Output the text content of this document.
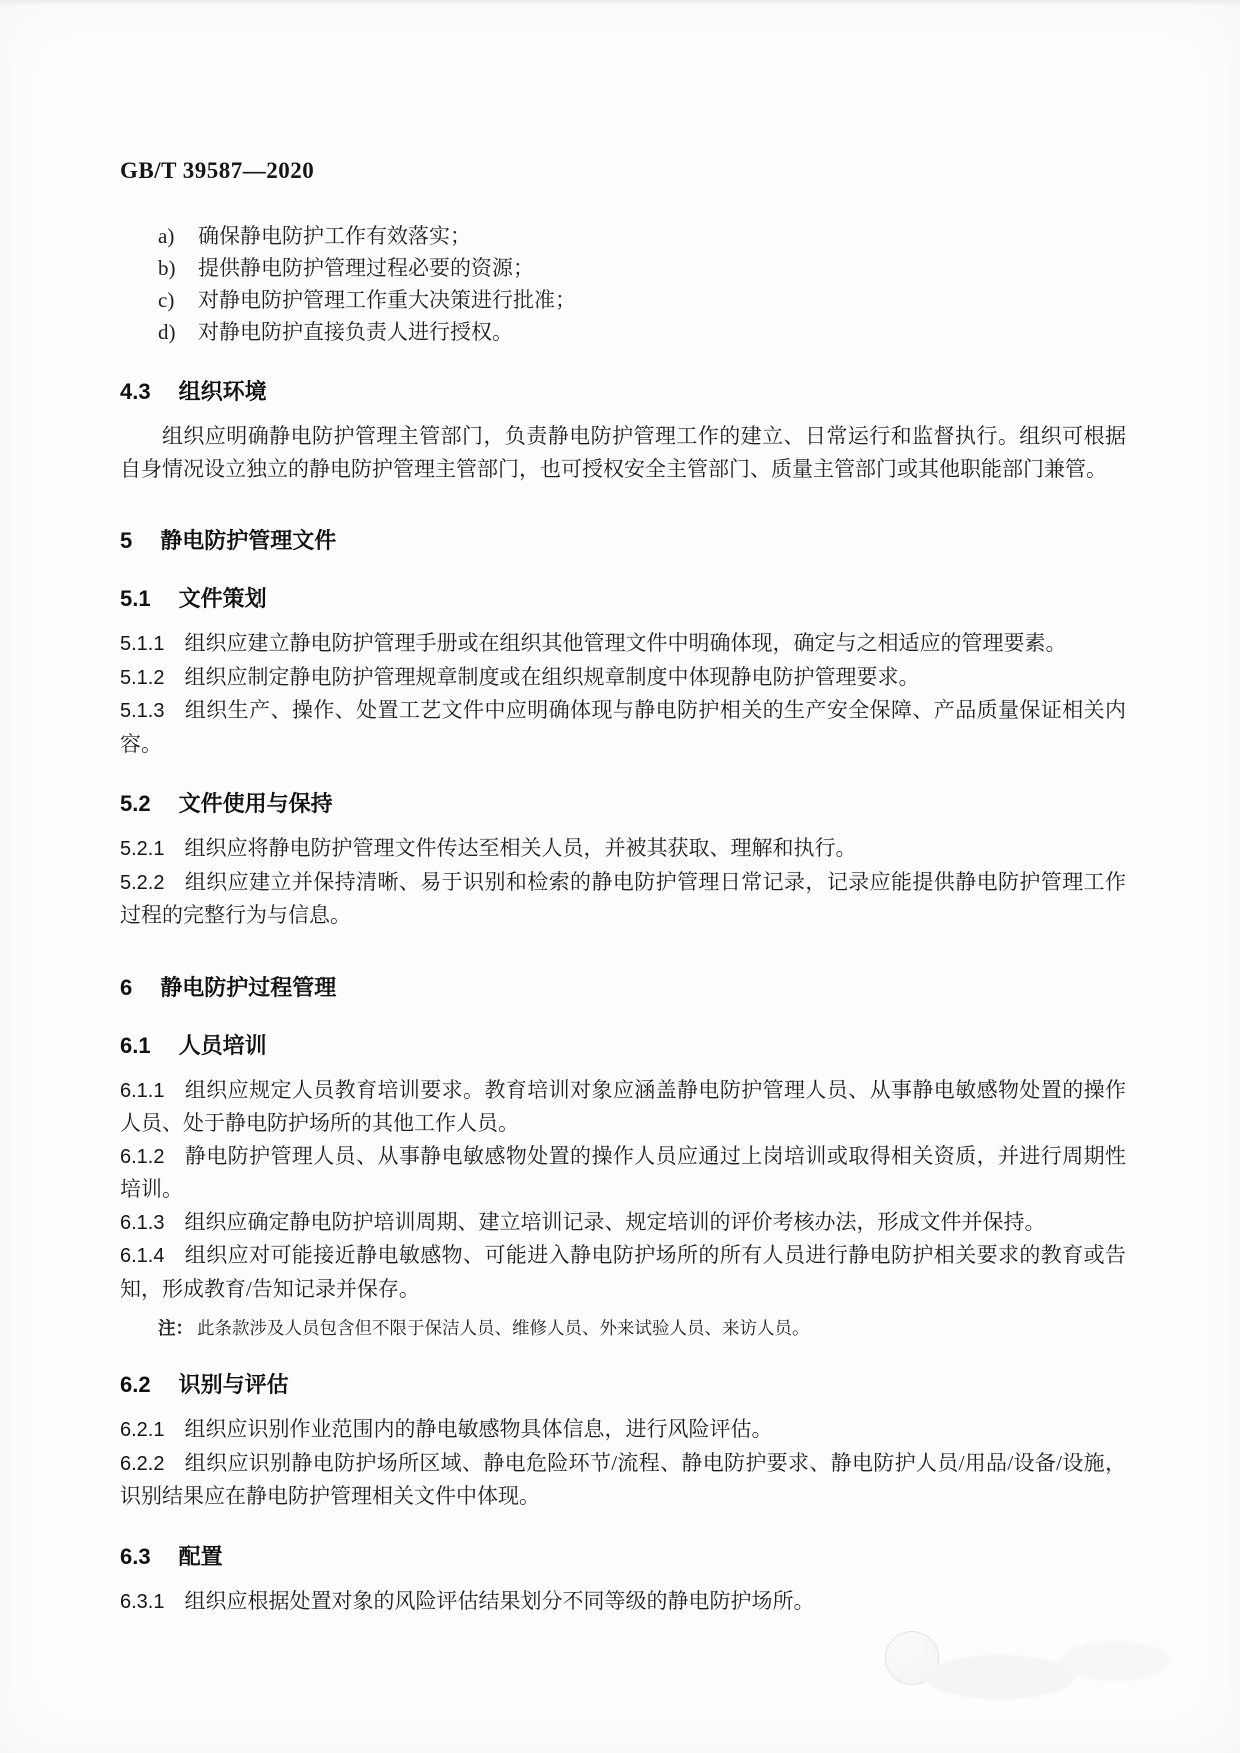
GB/T 39587—2020
a) 确保静电防护工作有效落实；
b) 提供静电防护管理过程必要的资源；
c) 对静电防护管理工作重大决策进行批准；
d) 对静电防护直接负责人进行授权。
4.3 组织环境

组织应明确静电防护管理主管部门，负责静电防护管理工作的建立、日常运行和监督执行。组织可根据自身情况设立独立的静电防护管理主管部门，也可授权安全主管部门、质量主管部门或其他职能部门兼管。

5 静电防护管理文件
5.1 文件策划

5.1.1 组织应建立静电防护管理手册或在组织其他管理文件中明确体现，确定与之相适应的管理要素。

5.1.2 组织应制定静电防护管理规章制度或在组织规章制度中体现静电防护管理要求。

5.1.3 组织生产、操作、处置工艺文件中应明确体现与静电防护相关的生产安全保障、产品质量保证相关内容。

5.2 文件使用与保持

5.2.1 组织应将静电防护管理文件传达至相关人员，并被其获取、理解和执行。

5.2.2 组织应建立并保持清晰、易于识别和检索的静电防护管理日常记录，记录应能提供静电防护管理工作过程的完整行为与信息。

6 静电防护过程管理
6.1 人员培训

6.1.1 组织应规定人员教育培训要求。教育培训对象应涵盖静电防护管理人员、从事静电敏感物处置的操作人员、处于静电防护场所的其他工作人员。

6.1.2 静电防护管理人员、从事静电敏感物处置的操作人员应通过上岗培训或取得相关资质，并进行周期性培训。

6.1.3 组织应确定静电防护培训周期、建立培训记录、规定培训的评价考核办法，形成文件并保持。

6.1.4 组织应对可能接近静电敏感物、可能进入静电防护场所的所有人员进行静电防护相关要求的教育或告知，形成教育/告知记录并保存。

注： 此条款涉及人员包含但不限于保洁人员、维修人员、外来试验人员、来访人员。

6.2 识别与评估

6.2.1 组织应识别作业范围内的静电敏感物具体信息，进行风险评估。

6.2.2 组织应识别静电防护场所区域、静电危险环节/流程、静电防护要求、静电防护人员/用品/设备/设施，识别结果应在静电防护管理相关文件中体现。

6.3 配置

6.3.1 组织应根据处置对象的风险评估结果划分不同等级的静电防护场所。
